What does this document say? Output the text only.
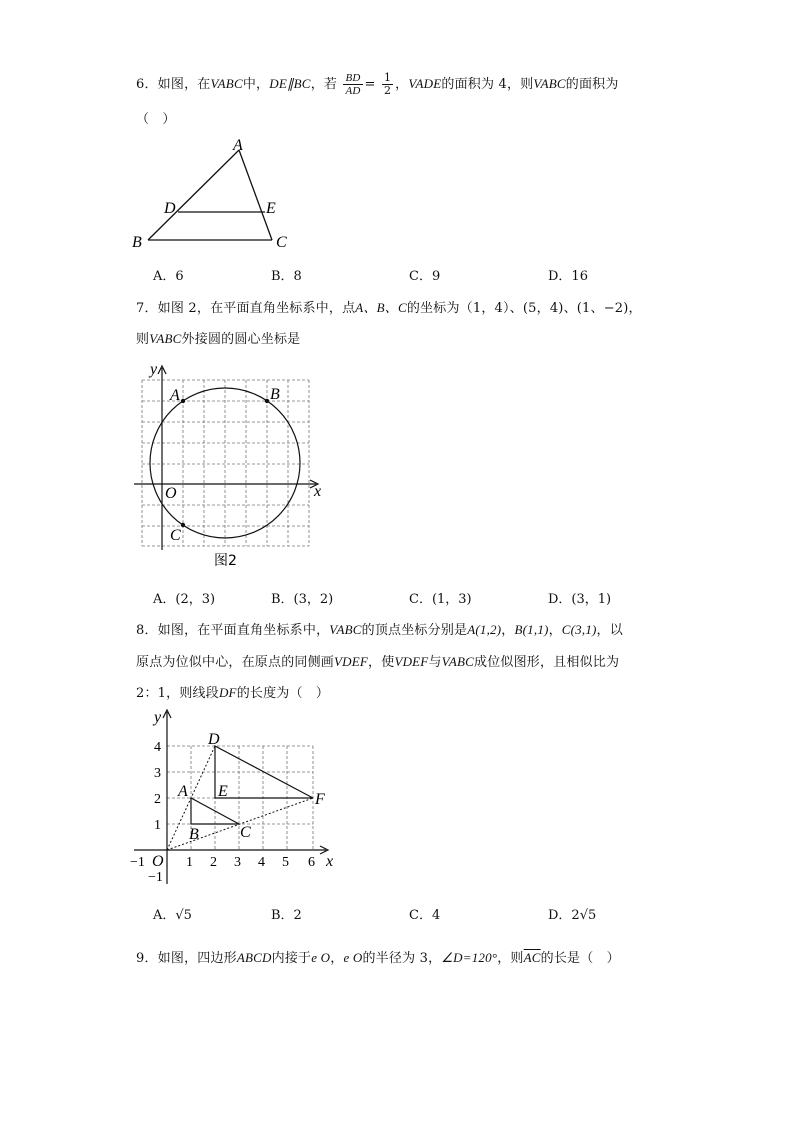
6．如图，在VABC中，DE∥BC，若 $\frac{BD}{AD} = \frac{1}{2}$ ，VADE的面积为 4，则VABC的面积为
（　）
A
D	E
B	C
A．6	B．8	C．9	D．16
7．如图 2，在平面直角坐标系中，点A、B、C的坐标为（1，4）、(5，4)、(1、−2)，
则VABC外接圆的圆心坐标是
y
x
O
A	B
C
图2
A．(2，3)	B．(3，2)	C．(1，3)	D．(3，1)
8．如图，在平面直角坐标系中，VABC的顶点坐标分别是A(1,2)，B(1,1)，C(3,1)，以
原点为位似中心，在原点的同侧画VDEF，使VDEF与VABC成位似图形，且相似比为
2：1，则线段DF的长度为（　）
−1	1 2 3 4 5 6
1
2
3
4
−1
y
x
O
D
E	F
A
B	C
A．√5	B．2	C．4	D．2√5
9．如图，四边形ABCD内接于e O，e O的半径为 3，∠D=120°，则$\overline{AC}$的长是（　）
